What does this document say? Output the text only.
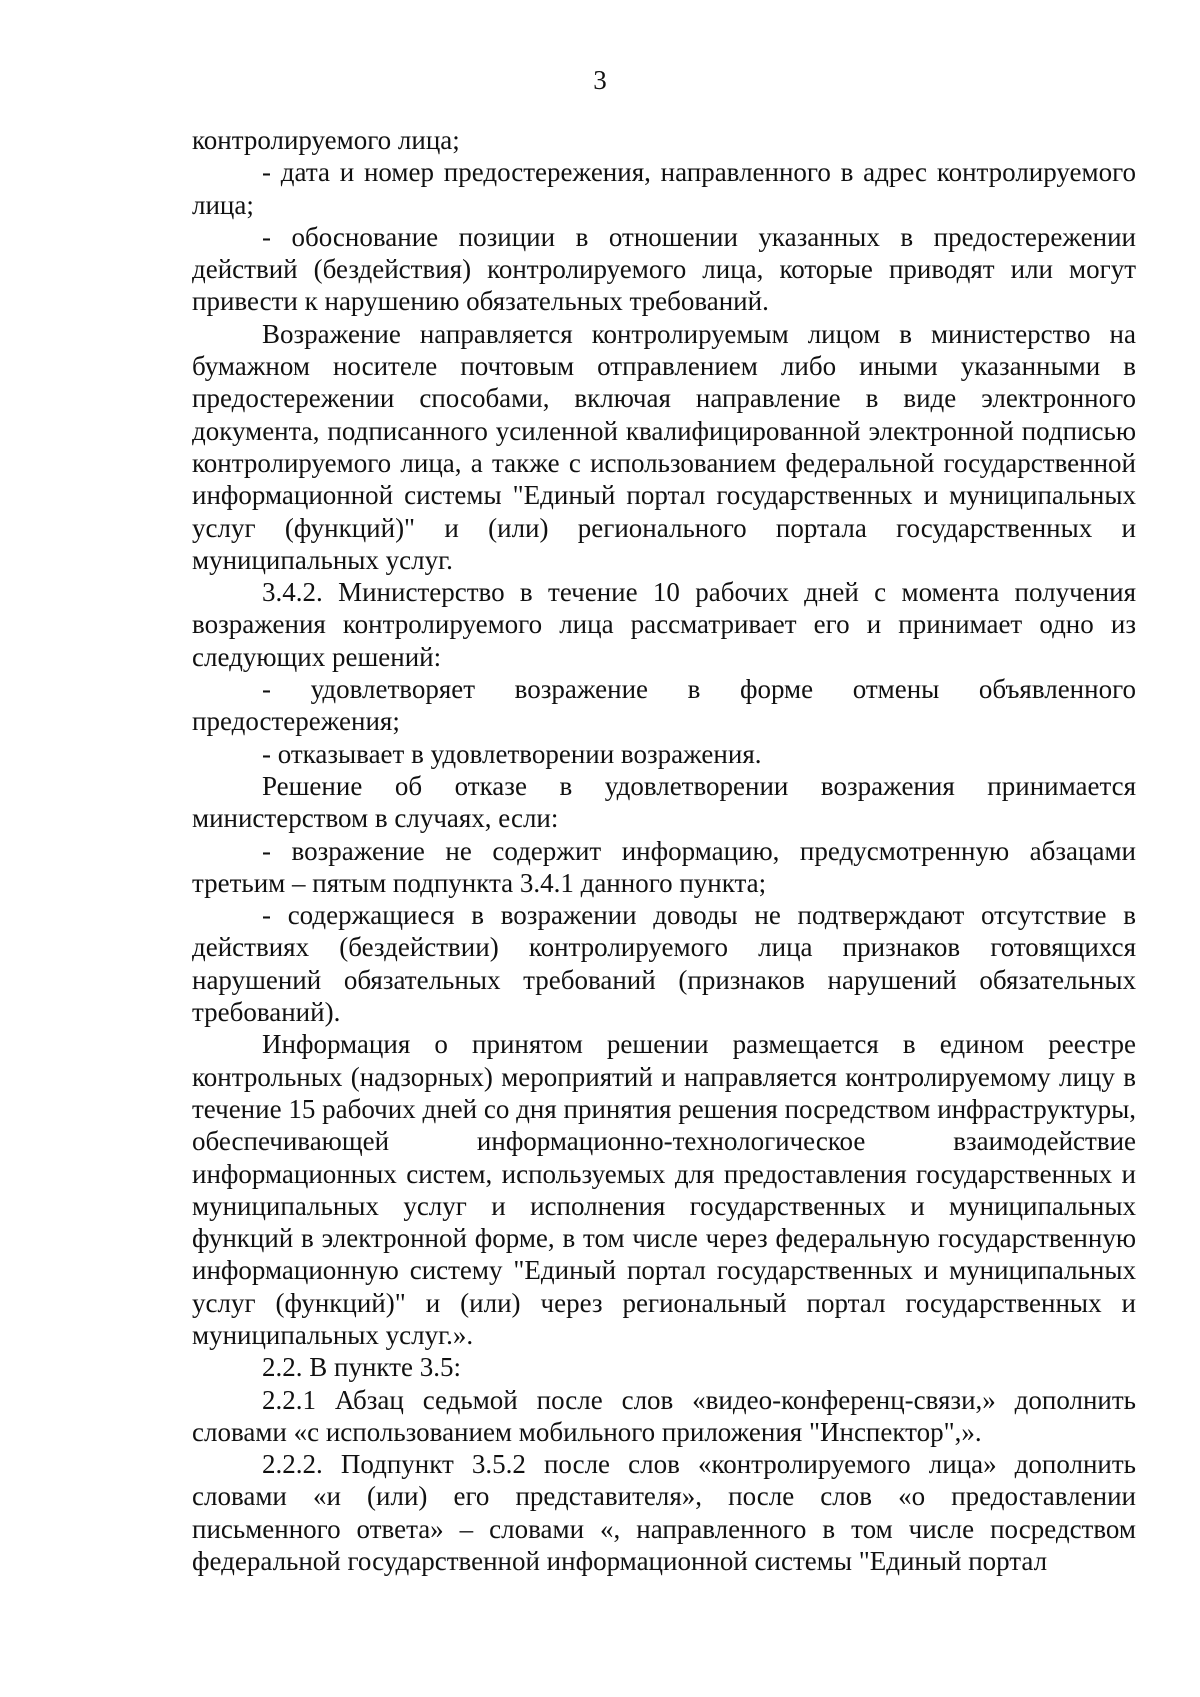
3

контролируемого лица;

- дата и номер предостережения, направленного в адрес контролируемого лица;

- обоснование позиции в отношении указанных в предостережении действий (бездействия) контролируемого лица, которые приводят или могут привести к нарушению обязательных требований.

Возражение направляется контролируемым лицом в министерство на бумажном носителе почтовым отправлением либо иными указанными в предостережении способами, включая направление в виде электронного документа, подписанного усиленной квалифицированной электронной подписью контролируемого лица, а также с использованием федеральной государственной информационной системы "Единый портал государственных и муниципальных услуг (функций)" и (или) регионального портала государственных и муниципальных услуг.

3.4.2. Министерство в течение 10 рабочих дней с момента получения возражения контролируемого лица рассматривает его и принимает одно из следующих решений:

- удовлетворяет возражение в форме отмены объявленного предостережения;

- отказывает в удовлетворении возражения.

Решение об отказе в удовлетворении возражения принимается министерством в случаях, если:

- возражение не содержит информацию, предусмотренную абзацами третьим – пятым подпункта 3.4.1 данного пункта;

- содержащиеся в возражении доводы не подтверждают отсутствие в действиях (бездействии) контролируемого лица признаков готовящихся нарушений обязательных требований (признаков нарушений обязательных требований).

Информация о принятом решении размещается в едином реестре контрольных (надзорных) мероприятий и направляется контролируемому лицу в течение 15 рабочих дней со дня принятия решения посредством инфраструктуры, обеспечивающей информационно-технологическое взаимодействие информационных систем, используемых для предоставления государственных и муниципальных услуг и исполнения государственных и муниципальных функций в электронной форме, в том числе через федеральную государственную информационную систему "Единый портал государственных и муниципальных услуг (функций)" и (или) через региональный портал государственных и муниципальных услуг.».

2.2. В пункте 3.5:

2.2.1 Абзац седьмой после слов «видео-конференц-связи,» дополнить словами «с использованием мобильного приложения "Инспектор",».

2.2.2. Подпункт 3.5.2 после слов «контролируемого лица» дополнить словами «и (или) его представителя», после слов «о предоставлении письменного ответа» – словами «, направленного в том числе посредством федеральной государственной информационной системы "Единый портал
